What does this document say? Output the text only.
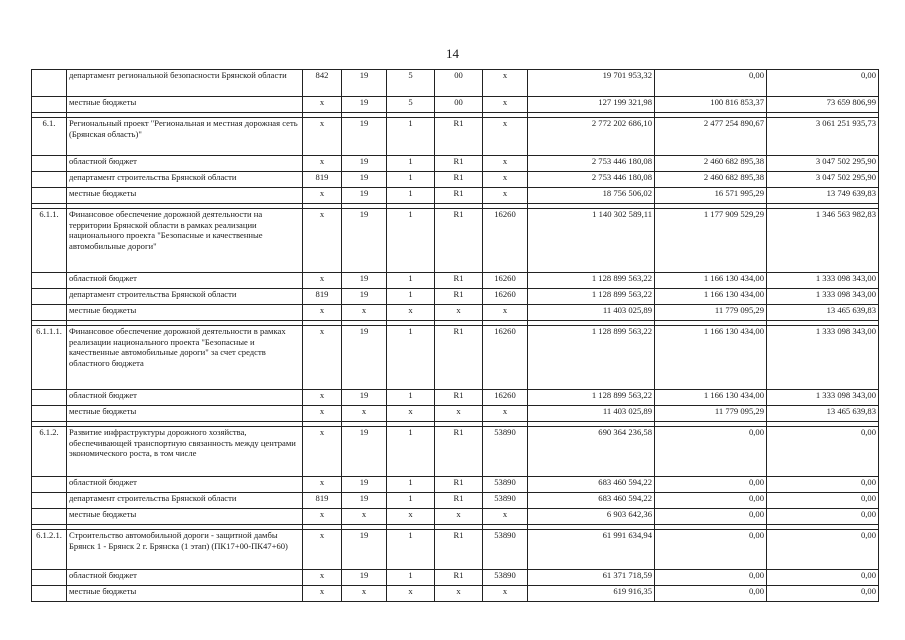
14
	департамент региональной безопасности Брянской области	842	19	5	00	x	19 701 953,32	0,00	0,00
	местные бюджеты	x	19	5	00	x	127 199 321,98	100 816 853,37	73 659 806,99

6.1.	Региональный проект "Региональная и местная дорожная сеть (Брянская область)"	x	19	1	R1	x	2 772 202 686,10	2 477 254 890,67	3 061 251 935,73
	областной бюджет	x	19	1	R1	x	2 753 446 180,08	2 460 682 895,38	3 047 502 295,90
	департамент строительства Брянской области	819	19	1	R1	x	2 753 446 180,08	2 460 682 895,38	3 047 502 295,90
	местные бюджеты	x	19	1	R1	x	18 756 506,02	16 571 995,29	13 749 639,83

6.1.1.	Финансовое обеспечение дорожной деятельности на территории Брянской области в рамках реализации национального проекта "Безопасные и качественные автомобильные дороги"	x	19	1	R1	16260	1 140 302 589,11	1 177 909 529,29	1 346 563 982,83
	областной бюджет	x	19	1	R1	16260	1 128 899 563,22	1 166 130 434,00	1 333 098 343,00
	департамент строительства Брянской области	819	19	1	R1	16260	1 128 899 563,22	1 166 130 434,00	1 333 098 343,00
	местные бюджеты	x	x	x	x	x	11 403 025,89	11 779 095,29	13 465 639,83

6.1.1.1.	Финансовое обеспечение дорожной деятельности в рамках реализации национального проекта "Безопасные и качественные автомобильные дороги" за счет средств областного бюджета	x	19	1	R1	16260	1 128 899 563,22	1 166 130 434,00	1 333 098 343,00
	областной бюджет	x	19	1	R1	16260	1 128 899 563,22	1 166 130 434,00	1 333 098 343,00
	местные бюджеты	x	x	x	x	x	11 403 025,89	11 779 095,29	13 465 639,83

6.1.2.	Развитие инфраструктуры дорожного хозяйства, обеспечивающей транспортную связанность между центрами экономического роста, в том числе	x	19	1	R1	53890	690 364 236,58	0,00	0,00
	областной бюджет	x	19	1	R1	53890	683 460 594,22	0,00	0,00
	департамент строительства Брянской области	819	19	1	R1	53890	683 460 594,22	0,00	0,00
	местные бюджеты	x	x	x	x	x	6 903 642,36	0,00	0,00

6.1.2.1.	Строительство автомобильной дороги - защитной дамбы Брянск 1 - Брянск 2 г. Брянска (1 этап) (ПК17+00-ПК47+60)	x	19	1	R1	53890	61 991 634,94	0,00	0,00
	областной бюджет	x	19	1	R1	53890	61 371 718,59	0,00	0,00
	местные бюджеты	x	x	x	x	x	619 916,35	0,00	0,00
